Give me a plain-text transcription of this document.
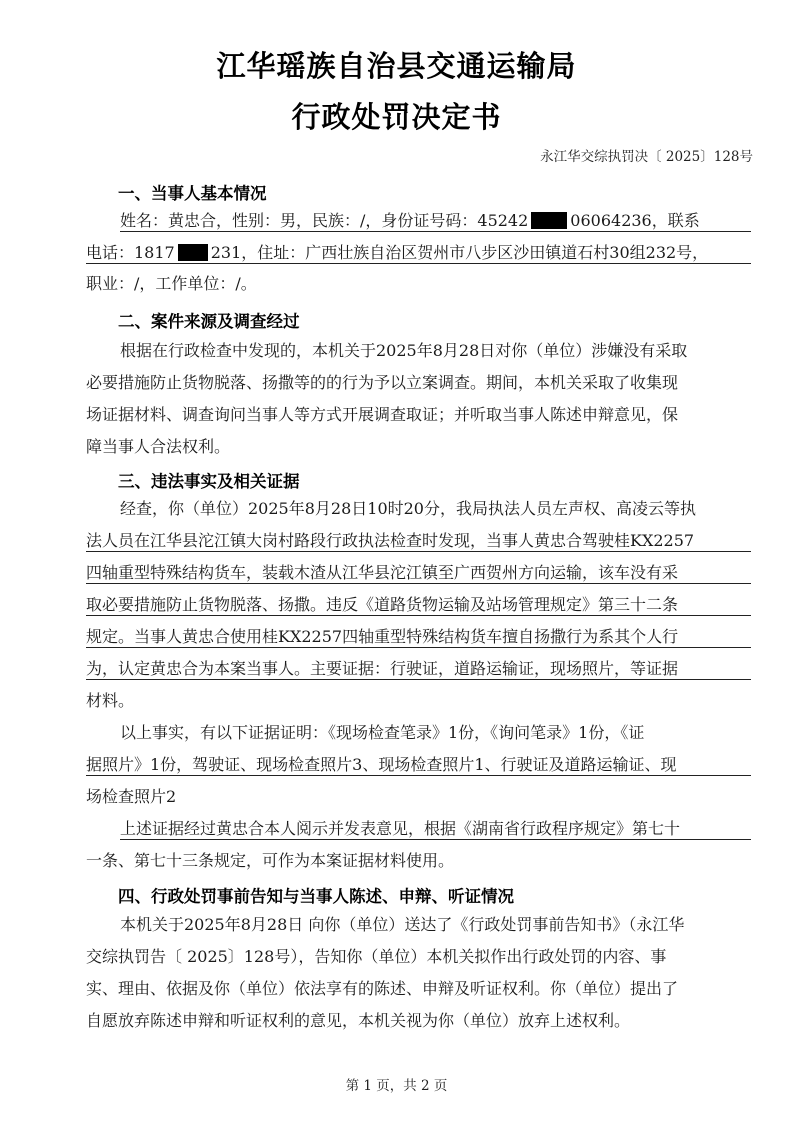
江华瑶族自治县交通运输局
行政处罚决定书
永江华交综执罚决〔 2025〕128号
一、当事人基本情况
姓名：黄忠合，性别：男，民族：/，身份证号码：45242	06064236，联系
电话：1817 231，住址：广西壮族自治区贺州市八步区沙田镇道石村30组232号，
职业：/，工作单位：/。
二、案件来源及调查经过
根据在行政检查中发现的，本机关于2025年8月28日对你（单位）涉嫌没有采取
必要措施防止货物脱落、扬撒等的的行为予以立案调查。期间，本机关采取了收集现
场证据材料、调查询问当事人等方式开展调查取证；并听取当事人陈述申辩意见，保
障当事人合法权利。
三、违法事实及相关证据
经查，你（单位）2025年8月28日10时20分，我局执法人员左声权、高凌云等执
法人员在江华县沱江镇大岗村路段行政执法检查时发现，当事人黄忠合驾驶桂KX2257
四轴重型特殊结构货车，装载木渣从江华县沱江镇至广西贺州方向运输，该车没有采
取必要措施防止货物脱落、扬撒。违反《道路货物运输及站场管理规定》第三十二条
规定。当事人黄忠合使用桂KX2257四轴重型特殊结构货车擅自扬撒行为系其个人行
为，认定黄忠合为本案当事人。主要证据：行驶证，道路运输证，现场照片，等证据
材料。
以上事实，有以下证据证明：《现场检查笔录》1份，《询问笔录》1份，《证
据照片》1份，驾驶证、现场检查照片3、现场检查照片1、行驶证及道路运输证、现
场检查照片2
上述证据经过黄忠合本人阅示并发表意见，根据《湖南省行政程序规定》第七十
一条、第七十三条规定，可作为本案证据材料使用。
四、行政处罚事前告知与当事人陈述、申辩、听证情况
本机关于2025年8月28日 向你（单位）送达了《行政处罚事前告知书》（永江华
交综执罚告〔 2025〕128号），告知你（单位）本机关拟作出行政处罚的内容、事
实、理由、依据及你（单位）依法享有的陈述、申辩及听证权利。你（单位）提出了
自愿放弃陈述申辩和听证权利的意见，本机关视为你（单位）放弃上述权利。
第 1 页，共 2 页
